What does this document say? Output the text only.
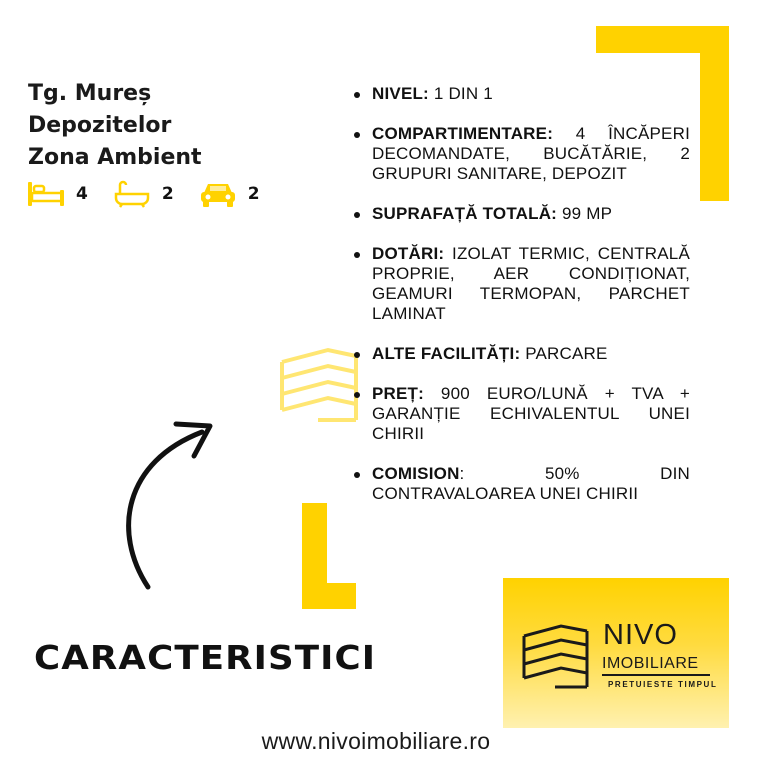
Tg. Mureș
Depozitelor
Zona Ambient
4	2	2
NIVEL: 1 DIN 1
COMPARTIMENTARE: 4 ÎNCĂPERI DECOMANDATE, BUCĂTĂRIE, 2 GRUPURI SANITARE, DEPOZIT
SUPRAFAȚĂ TOTALĂ: 99 MP
DOTĂRI: IZOLAT TERMIC, CENTRALĂ PROPRIE, AER CONDIȚIONAT, GEAMURI TERMOPAN, PARCHET LAMINAT
ALTE FACILITĂȚI: PARCARE
PREȚ: 900 EURO/LUNĂ + TVA + GARANȚIE ECHIVALENTUL UNEI CHIRII
COMISION: 50% DIN CONTRAVALOAREA UNEI CHIRII
CARACTERISTICI
NIVO
IMOBILIARE
PRETUIESTE TIMPUL
www.nivoimobiliare.ro
